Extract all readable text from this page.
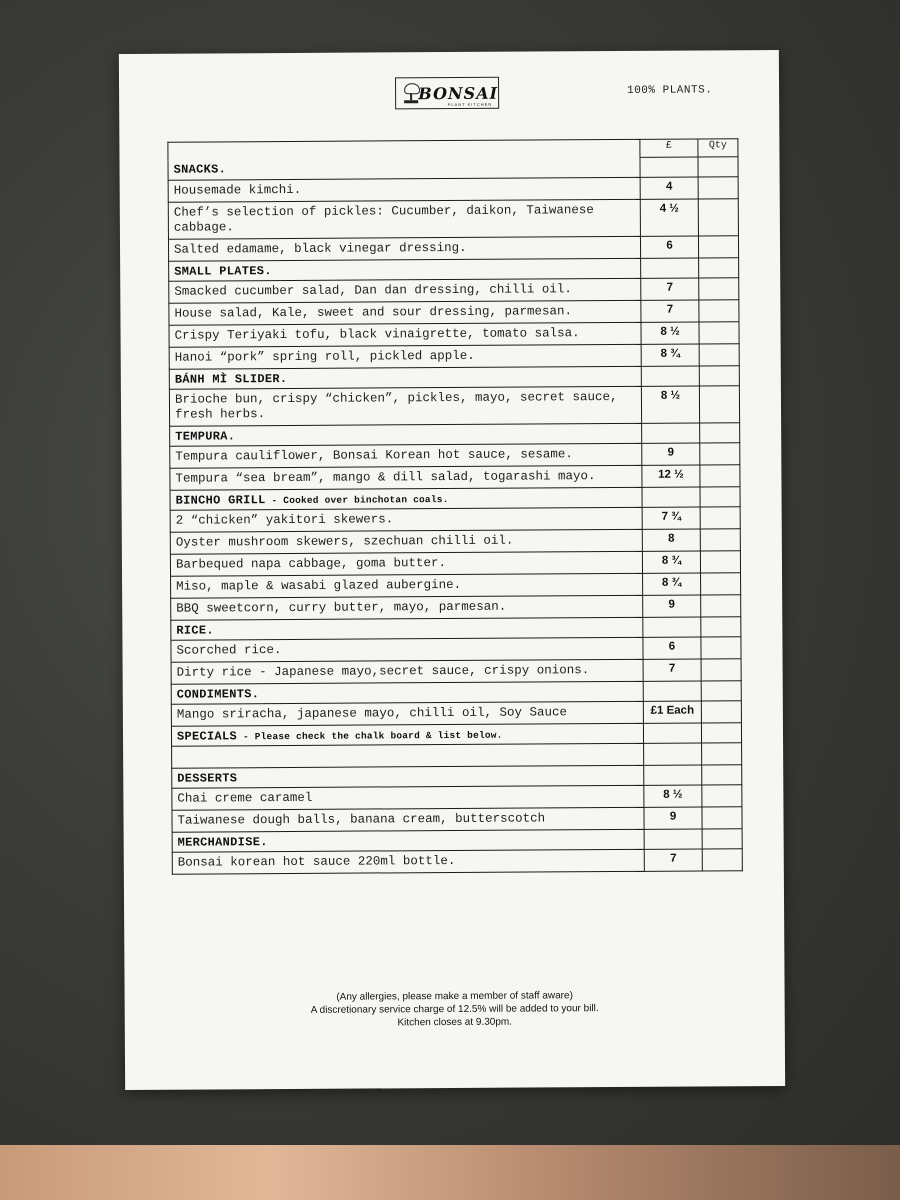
BONSAI
PLANT KITCHEN
100% PLANTS.
	£	Qty
SNACKS.		
Housemade kimchi.	4	
Chef’s selection of pickles: Cucumber, daikon, Taiwanese cabbage.	4 ½	
Salted edamame, black vinegar dressing.	6	
SMALL PLATES.		
Smacked cucumber salad, Dan dan dressing, chilli oil.	7	
House salad, Kale, sweet and sour dressing, parmesan.	7	
Crispy Teriyaki tofu, black vinaigrette, tomato salsa.	8 ½	
Hanoi “pork” spring roll, pickled apple.	8 ¾	
BÁNH MÌ SLIDER.		
Brioche bun, crispy “chicken”, pickles, mayo, secret sauce, fresh herbs.	8 ½	
TEMPURA.		
Tempura cauliflower, Bonsai Korean hot sauce, sesame.	9	
Tempura “sea bream”, mango & dill salad, togarashi mayo.	12 ½	
BINCHO GRILL - Cooked over binchotan coals.		
2 “chicken” yakitori skewers.	7 ¾	
Oyster mushroom skewers, szechuan chilli oil.	8	
Barbequed napa cabbage, goma butter.	8 ¾	
Miso, maple & wasabi glazed aubergine.	8 ¾	
BBQ sweetcorn, curry butter, mayo, parmesan.	9	
RICE.		
Scorched rice.	6	
Dirty rice - Japanese mayo,secret sauce, crispy onions.	7	
CONDIMENTS.		
Mango sriracha, japanese mayo, chilli oil, Soy Sauce	£1 Each	
SPECIALS - Please check the chalk board & list below.		

DESSERTS		
Chai creme caramel	8 ½	
Taiwanese dough balls, banana cream, butterscotch	9	
MERCHANDISE.		
Bonsai korean hot sauce 220ml bottle.	7	
(Any allergies, please make a member of staff aware)
A discretionary service charge of 12.5% will be added to your bill.
Kitchen closes at 9.30pm.
